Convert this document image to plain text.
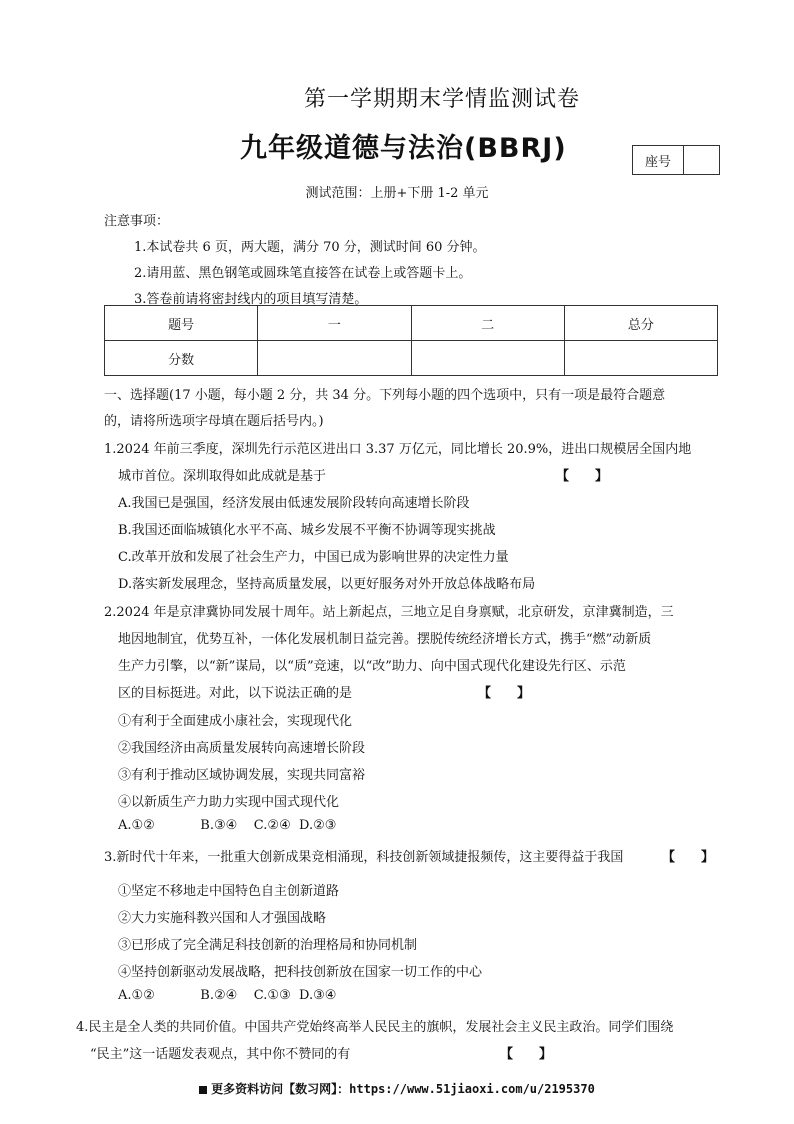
第一学期期末学情监测试卷
九年级道德与法治(BBRJ)	座号
测试范围：上册+下册 1-2 单元
注意事项：
1.本试卷共 6 页，两大题，满分 70 分，测试时间 60 分钟。
2.请用蓝、黑色钢笔或圆珠笔直接答在试卷上或答题卡上。
3.答卷前请将密封线内的项目填写清楚。
题号	一	二	总分
分数			
一、选择题(17 小题，每小题 2 分，共 34 分。下列每小题的四个选项中，只有一项是最符合题意
的，请将所选项字母填在题后括号内。)
1.2024 年前三季度，深圳先行示范区进出口 3.37 万亿元，同比增长 20.9%，进出口规模居全国内地
城市首位。深圳取得如此成就是基于	【　　】
A.我国已是强国，经济发展由低速发展阶段转向高速增长阶段
B.我国还面临城镇化水平不高、城乡发展不平衡不协调等现实挑战
C.改革开放和发展了社会生产力，中国已成为影响世界的决定性力量
D.落实新发展理念，坚持高质量发展，以更好服务对外开放总体战略布局
2.2024 年是京津冀协同发展十周年。站上新起点，三地立足自身禀赋，北京研发，京津冀制造，三
地因地制宜，优势互补，一体化发展机制日益完善。摆脱传统经济增长方式，携手“燃”动新质
生产力引擎，以“新”谋局，以“质”竞速，以“改”助力、向中国式现代化建设先行区、示范
区的目标挺进。对此，以下说法正确的是	【　　】
①有利于全面建成小康社会，实现现代化
②我国经济由高质量发展转向高速增长阶段
③有利于推动区域协调发展，实现共同富裕
④以新质生产力助力实现中国式现代化
A.①②           B.③④    C.②④  D.②③
3.新时代十年来，一批重大创新成果竞相涌现，科技创新领域捷报频传，这主要得益于我国	【　　】
①坚定不移地走中国特色自主创新道路
②大力实施科教兴国和人才强国战略
③已形成了完全满足科技创新的治理格局和协同机制
④坚持创新驱动发展战略，把科技创新放在国家一切工作的中心
A.①②           B.②④    C.①③  D.③④
4.民主是全人类的共同价值。中国共产党始终高举人民民主的旗帜，发展社会主义民主政治。同学们围绕
“民主”这一话题发表观点，其中你不赞同的有	【　　】
更多资料访问【数习网】：https://www.51jiaoxi.com/u/2195370
